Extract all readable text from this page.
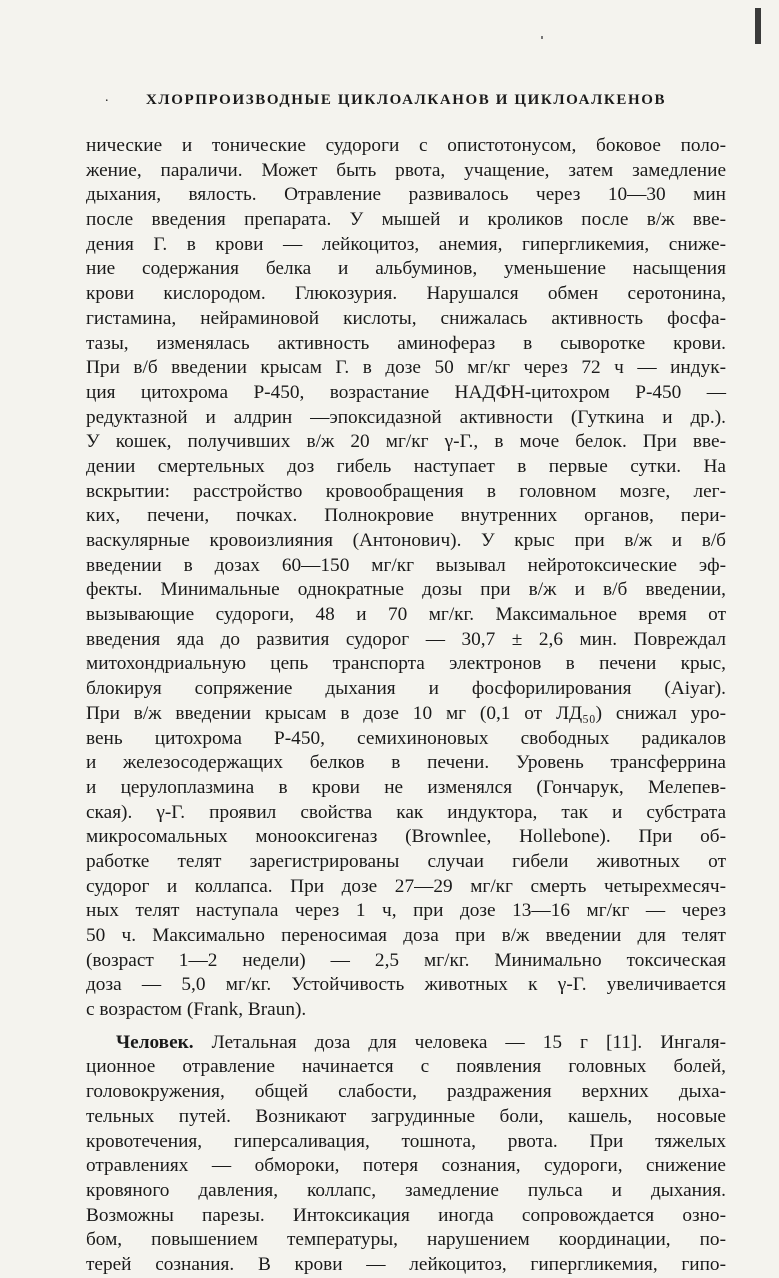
.	ХЛОРПРОИЗВОДНЫЕ ЦИКЛОАЛКАНОВ И ЦИКЛОАЛКЕНОВ
нические и тонические судороги с опистотонусом, боковое поло-
жение, параличи. Может быть рвота, учащение, затем замедление
дыхания, вялость. Отравление развивалось через 10—30 мин
после введения препарата. У мышей и кроликов после в/ж вве-
дения Г. в крови — лейкоцитоз, анемия, гипергликемия, сниже-
ние содержания белка и альбуминов, уменьшение насыщения
крови кислородом. Глюкозурия. Нарушался обмен серотонина,
гистамина, нейраминовой кислоты, снижалась активность фосфа-
тазы, изменялась активность аминофераз в сыворотке крови.
При в/б введении крысам Г. в дозе 50 мг/кг через 72 ч — индук-
ция цитохрома Р-450, возрастание НАДФН-цитохром Р-450 —
редуктазной и алдрин —эпоксидазной активности (Гуткина и др.).
У кошек, получивших в/ж 20 мг/кг γ-Г., в моче белок. При вве-
дении смертельных доз гибель наступает в первые сутки. На
вскрытии: расстройство кровообращения в головном мозге, лег-
ких, печени, почках. Полнокровие внутренних органов, пери-
васкулярные кровоизлияния (Антонович). У крыс при в/ж и в/б
введении в дозах 60—150 мг/кг вызывал нейротоксические эф-
фекты. Минимальные однократные дозы при в/ж и в/б введении,
вызывающие судороги, 48 и 70 мг/кг. Максимальное время от
введения яда до развития судорог — 30,7 ± 2,6 мин. Повреждал
митохондриальную цепь транспорта электронов в печени крыс,
блокируя сопряжение дыхания и фосфорилирования (Aiyar).
При в/ж введении крысам в дозе 10 мг (0,1 от ЛД₅₀) снижал уро-
вень цитохрома Р-450, семихиноновых свободных радикалов
и железосодержащих белков в печени. Уровень трансферрина
и церулоплазмина в крови не изменялся (Гончарук, Мелепев-
ская). γ-Г. проявил свойства как индуктора, так и субстрата
микросомальных монооксигеназ (Brownlee, Hollebone). При об-
работке телят зарегистрированы случаи гибели животных от
судорог и коллапса. При дозе 27—29 мг/кг смерть четырехмесяч-
ных телят наступала через 1 ч, при дозе 13—16 мг/кг — через
50 ч. Максимально переносимая доза при в/ж введении для телят
(возраст 1—2 недели) — 2,5 мг/кг. Минимально токсическая
доза — 5,0 мг/кг. Устойчивость животных к γ-Г. увеличивается
с возрастом (Frank, Braun).
Человек. Летальная доза для человека — 15 г [11]. Ингаля-
ционное отравление начинается с появления головных болей,
головокружения, общей слабости, раздражения верхних дыха-
тельных путей. Возникают загрудинные боли, кашель, носовые
кровотечения, гиперсаливация, тошнота, рвота. При тяжелых
отравлениях — обмороки, потеря сознания, судороги, снижение
кровяного давления, коллапс, замедление пульса и дыхания.
Возможны парезы. Интоксикация иногда сопровождается озно-
бом, повышением температуры, нарушением координации, по-
терей сознания. В крови — лейкоцитоз, гипергликемия, гипо-
